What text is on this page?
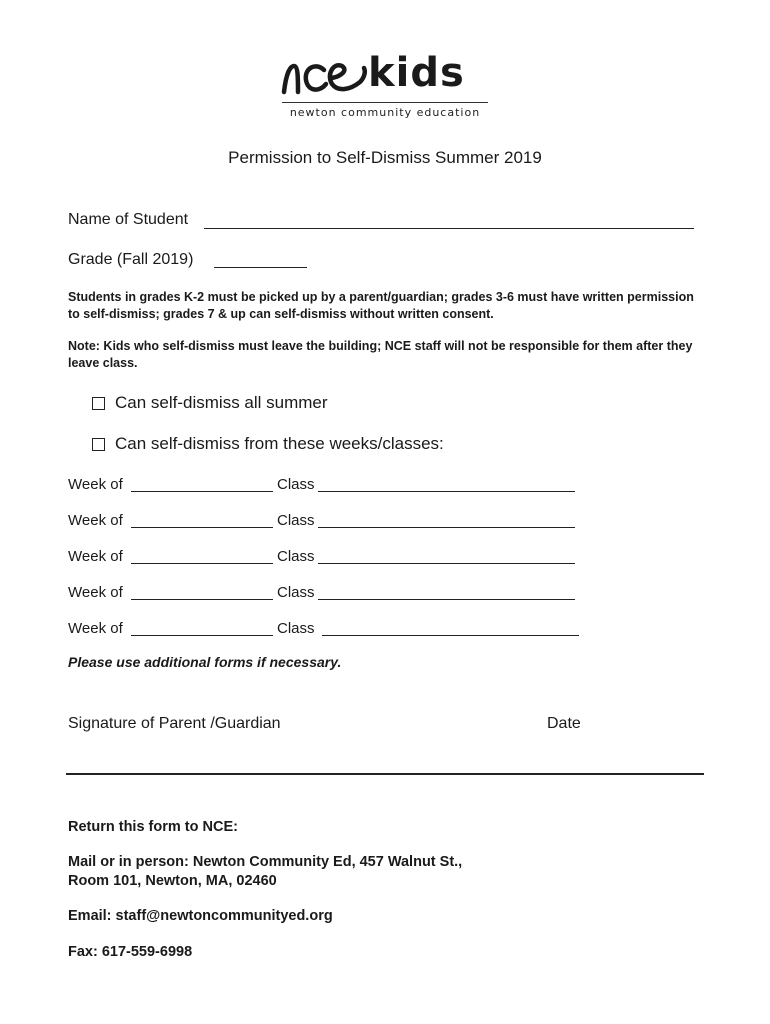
kids
newton community education
Permission to Self-Dismiss Summer 2019
Name of Student
Grade (Fall 2019)
Students in grades K-2 must be picked up by a parent/guardian; grades 3-6 must have written permission to self-dismiss; grades 7 & up can self-dismiss without written consent.
Note: Kids who self-dismiss must leave the building; NCE staff will not be responsible for them after they leave class.
Can self-dismiss all summer
Can self-dismiss from these weeks/classes:
Week of	Class
Week of	Class
Week of	Class
Week of	Class
Week of	Class
Please use additional forms if necessary.
Signature of Parent /Guardian	Date
Return this form to NCE:
Mail or in person: Newton Community Ed, 457 Walnut St.,
Room 101, Newton, MA, 02460
Email: staff@newtoncommunityed.org
Fax: 617-559-6998
